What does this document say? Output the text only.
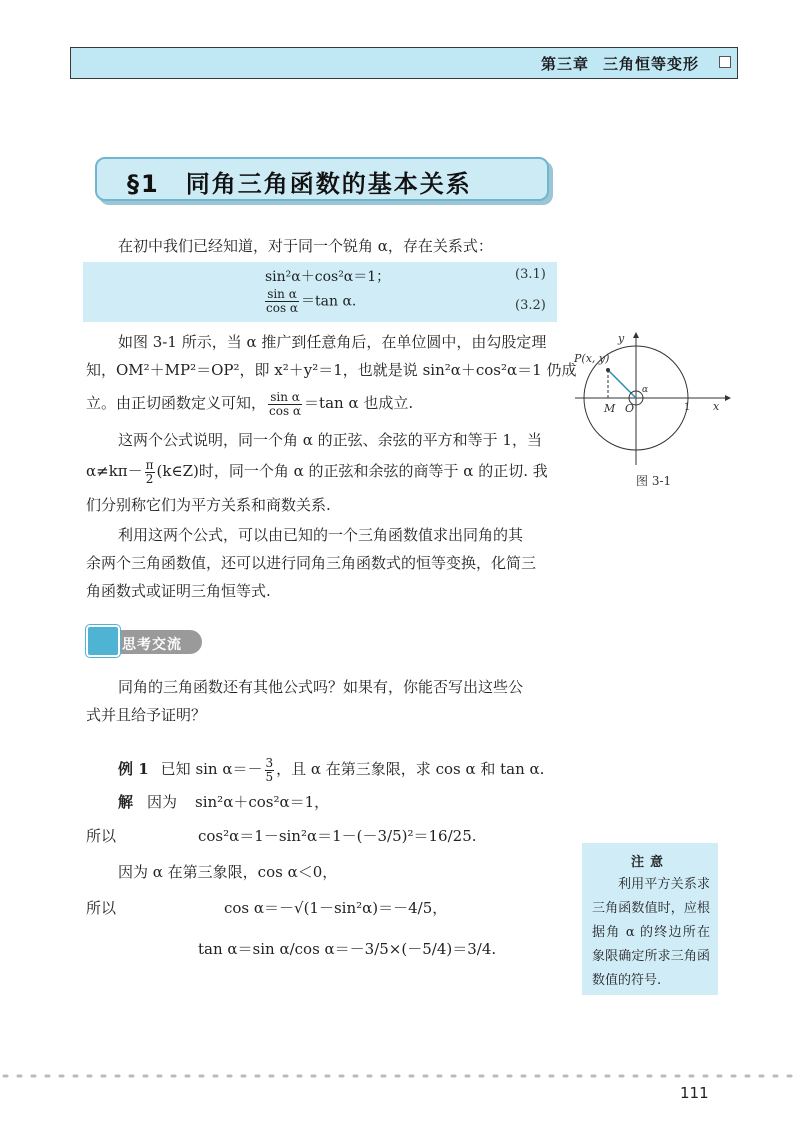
第三章 三角恒等变形
§1　同角三角函数的基本关系
在初中我们已经知道，对于同一个锐角 α，存在关系式：
sin²α＋cos²α＝1；	(3.1)
$\frac{\text{sin α}}{\text{cos α}} =\tan$ α.	(3.2)
如图 3-1 所示，当 α 推广到任意角后，在单位圆中，由勾股定理
知，OM²＋MP²＝OP²，即 x²＋y²＝1，也就是说 sin²α＋cos²α＝1 仍成
立。由正切函数定义可知， $\frac{\text{sin α}}{\text{cos α}} =\tan$ α 也成立.
这两个公式说明，同一个角 α 的正弦、余弦的平方和等于 1，当
$\alpha\ne k\pi- \frac{\pi}{2}$ (k∈Z)时，同一个角 α 的正弦和余弦的商等于 α 的正切. 我
们分别称它们为平方关系和商数关系.
利用这两个公式，可以由已知的一个三角函数值求出同角的其
余两个三角函数值，还可以进行同角三角函数式的恒等变换，化简三
角函数式或证明三角恒等式.
P(x, y)
M O
α
1 x
y
图 3-1
思考交流
同角的三角函数还有其他公式吗？如果有，你能否写出这些公
式并且给予证明？
例 1 已知 $\sin \alpha=- \frac{3}{5}$ ，且 α 在第三象限，求 cos α 和 tan α.
解 因为 sin²α＋cos²α＝1，
所以	cos²α＝1－sin²α＝1－(－3/5)²＝16/25.
因为 α 在第三象限，cos α＜0，
所以	cos α＝－√(1－sin²α)＝－4/5，
tan α＝sin α/cos α＝－3/5×(－5/4)＝3/4.
注意
利用平方关系求三角函数值时，应根据角 α 的终边所在象限确定所求三角函数值的符号.
111
